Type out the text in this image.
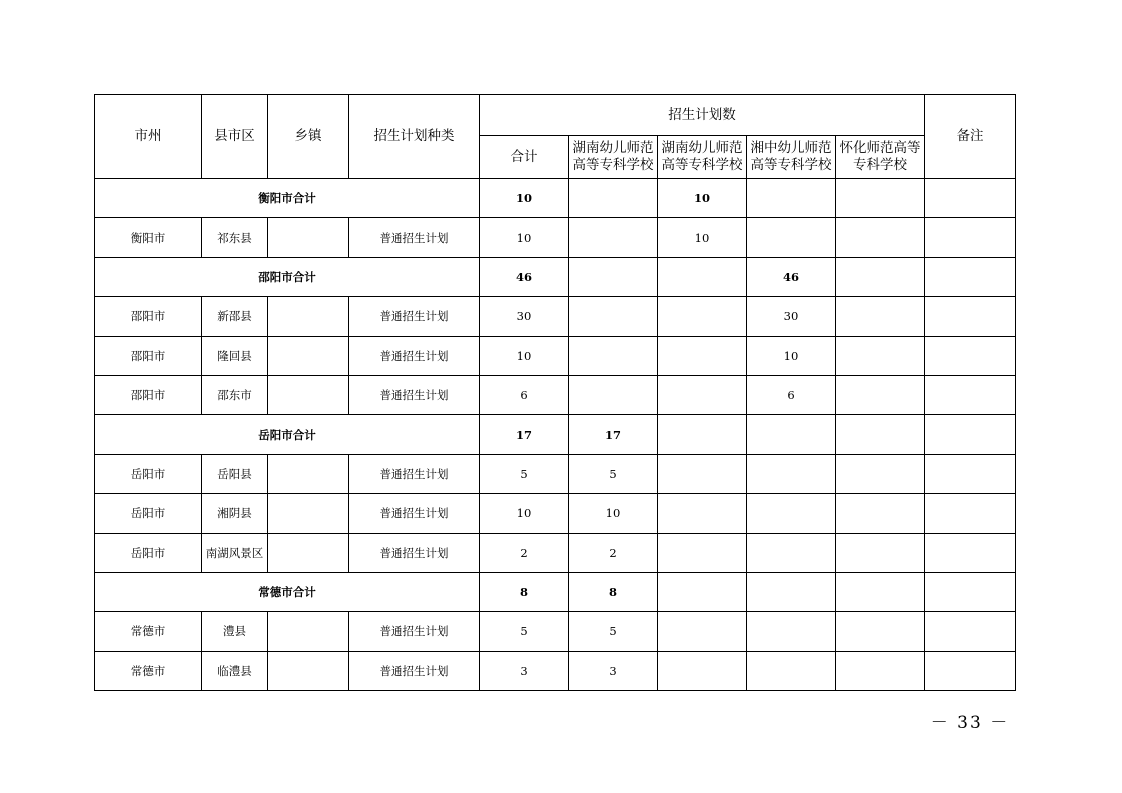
市州	县市区	乡镇	招生计划种类	招生计划数					备注
				合计	湖南幼儿师范高等专科学校	湖南幼儿师范高等专科学校	湘中幼儿师范高等专科学校	怀化师范高等专科学校	
衡阳市合计				10		10			
衡阳市	祁东县		普通招生计划	10		10			
邵阳市合计				46			46		
邵阳市	新邵县		普通招生计划	30			30		
邵阳市	隆回县		普通招生计划	10			10		
邵阳市	邵东市		普通招生计划	6			6		
岳阳市合计				17	17				
岳阳市	岳阳县		普通招生计划	5	5				
岳阳市	湘阴县		普通招生计划	10	10				
岳阳市	南湖风景区		普通招生计划	2	2				
常德市合计				8	8				
常德市	澧县		普通招生计划	5	5				
常德市	临澧县		普通招生计划	3	3				
－ 33 －
